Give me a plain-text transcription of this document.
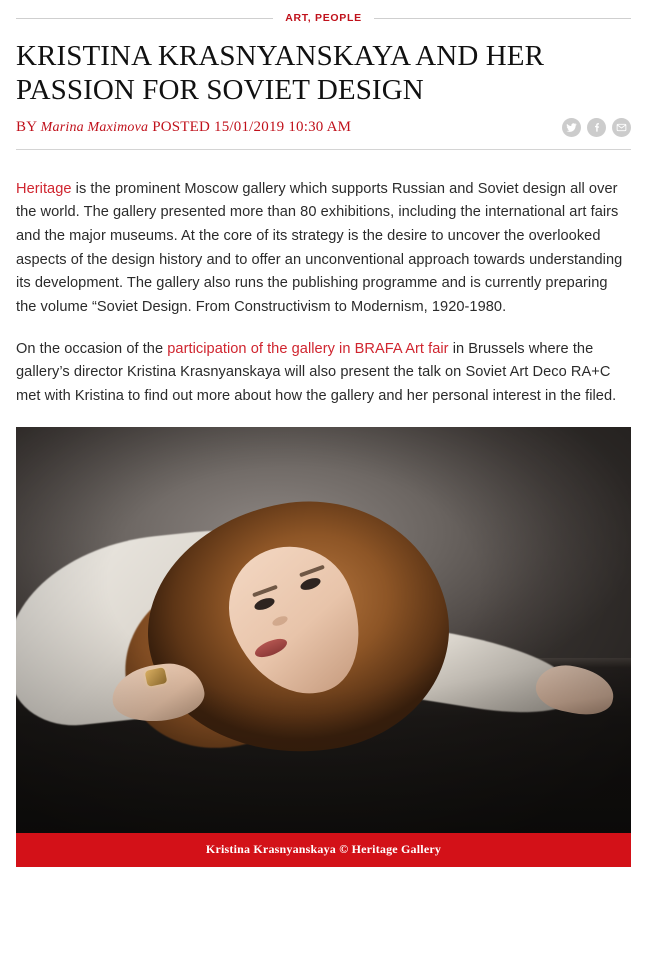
ART, PEOPLE
KRISTINA KRASNYANSKAYA AND HER PASSION FOR SOVIET DESIGN
BY Marina Maximova POSTED 15/01/2019 10:30 AM

Heritage is the prominent Moscow gallery which supports Russian and Soviet design all over the world. The gallery presented more than 80 exhibitions, including the international art fairs and the major museums. At the core of its strategy is the desire to uncover the overlooked aspects of the design history and to offer an unconventional approach towards understanding its development. The gallery also runs the publishing programme and is currently preparing the volume “Soviet Design. From Constructivism to Modernism, 1920-1980.

On the occasion of the participation of the gallery in BRAFA Art fair in Brussels where the gallery’s director Kristina Krasnyanskaya will also present the talk on Soviet Art Deco RA+C met with Kristina to find out more about how the gallery and her personal interest in the filed.

Kristina Krasnyanskaya © Heritage Gallery
